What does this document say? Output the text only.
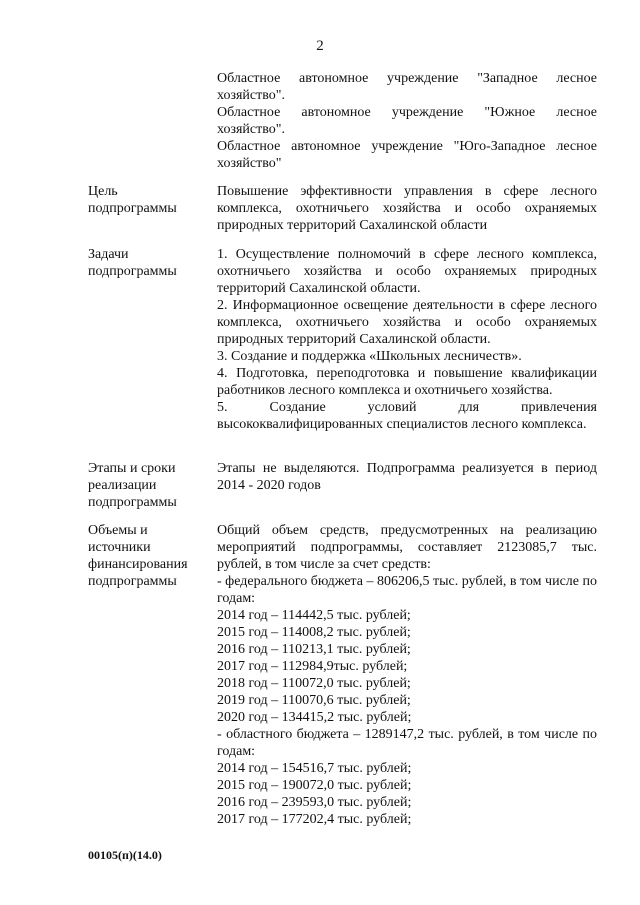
2

Областное автономное учреждение "Западное лесное хозяйство".

Областное автономное учреждение "Южное лесное хозяйство".

Областное автономное учреждение "Юго-Западное лесное хозяйство"

Цель подпрограммы

Повышение эффективности управления в сфере лесного комплекса, охотничьего хозяйства и особо охраняемых природных территорий Сахалинской области

Задачи подпрограммы

1. Осуществление полномочий в сфере лесного комплекса, охотничьего хозяйства и особо охраняемых природных территорий Сахалинской области.

2. Информационное освещение деятельности в сфере лесного комплекса, охотничьего хозяйства и особо охраняемых природных территорий Сахалинской области.

3. Создание и поддержка «Школьных лесничеств».

4. Подготовка, переподготовка и повышение квалификации работников лесного комплекса и охотничьего хозяйства.

5. Создание условий для привлечения высококвалифицированных специалистов лесного комплекса.

Этапы и сроки реализации подпрограммы

Этапы не выделяются. Подпрограмма реализуется в период 2014 - 2020 годов

Объемы и источники финансирования подпрограммы

Общий объем средств, предусмотренных на реализацию мероприятий подпрограммы, составляет 2123085,7 тыс. рублей, в том числе за счет средств:

- федерального бюджета – 806206,5 тыс. рублей, в том числе по годам:

2014 год – 114442,5 тыс. рублей;
2015 год – 114008,2 тыс. рублей;
2016 год – 110213,1 тыс. рублей;
2017 год – 112984,9тыс. рублей;
2018 год – 110072,0 тыс. рублей;
2019 год – 110070,6 тыс. рублей;
2020 год – 134415,2 тыс. рублей;

- областного бюджета – 1289147,2 тыс. рублей, в том числе по годам:

2014 год – 154516,7 тыс. рублей;
2015 год – 190072,0 тыс. рублей;
2016 год – 239593,0 тыс. рублей;
2017 год – 177202,4 тыс. рублей;
00105(п)(14.0)
